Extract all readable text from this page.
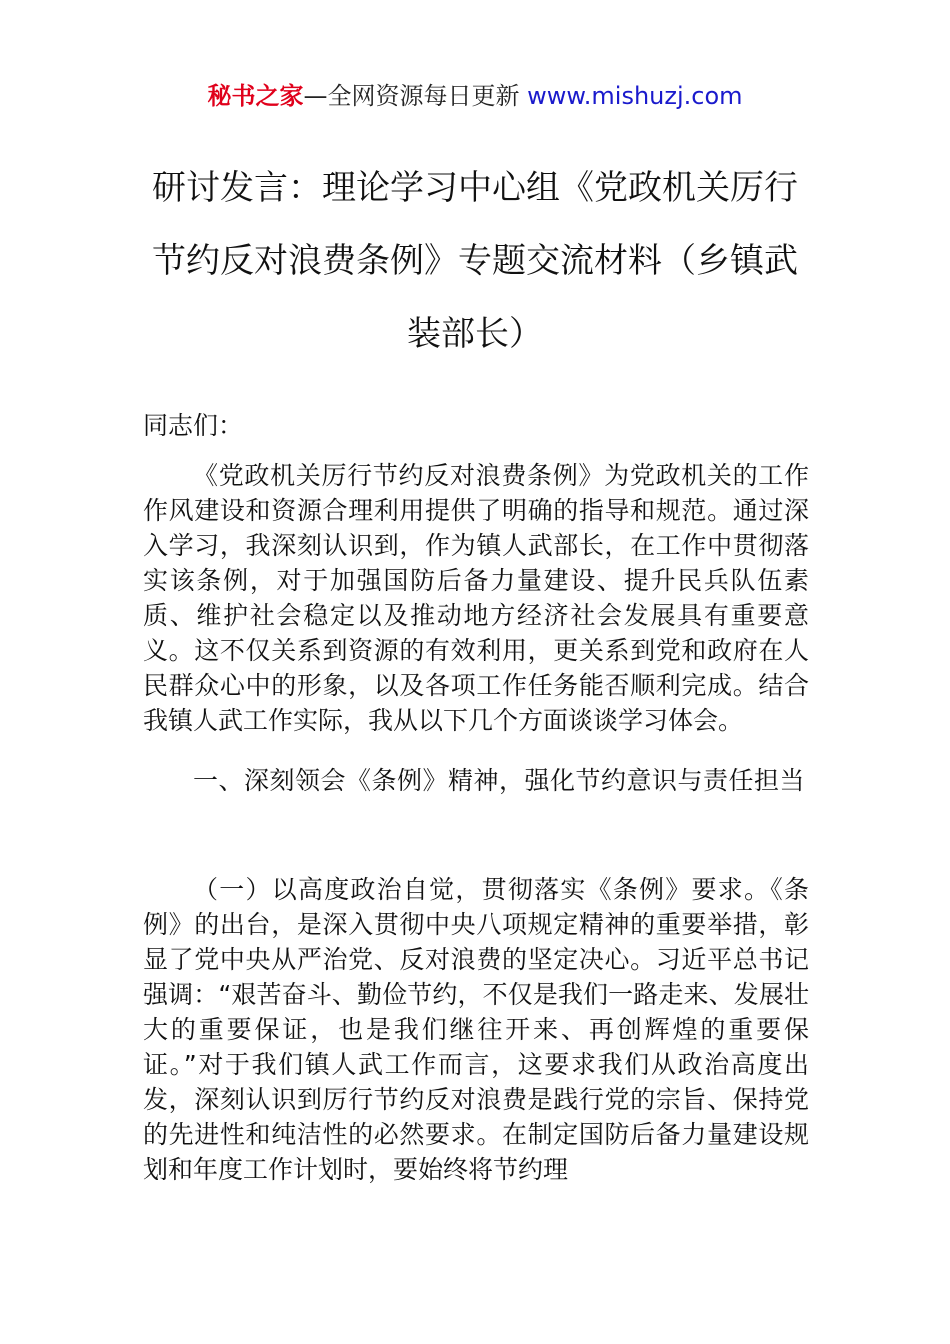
秘书之家—全网资源每日更新 www.mishuzj.com
研讨发言：理论学习中心组《党政机关厉行节约反对浪费条例》专题交流材料（乡镇武装部长）

同志们：

《党政机关厉行节约反对浪费条例》为党政机关的工作作风建设和资源合理利用提供了明确的指导和规范。通过深入学习，我深刻认识到，作为镇人武部长，在工作中贯彻落实该条例，对于加强国防后备力量建设、提升民兵队伍素质、维护社会稳定以及推动地方经济社会发展具有重要意义。这不仅关系到资源的有效利用，更关系到党和政府在人民群众心中的形象，以及各项工作任务能否顺利完成。结合我镇人武工作实际，我从以下几个方面谈谈学习体会。

一、深刻领会《条例》精神，强化节约意识与责任担当

（一）以高度政治自觉，贯彻落实《条例》要求。《条例》的出台，是深入贯彻中央八项规定精神的重要举措，彰显了党中央从严治党、反对浪费的坚定决心。习近平总书记强调：“艰苦奋斗、勤俭节约，不仅是我们一路走来、发展壮大的重要保证，也是我们继往开来、再创辉煌的重要保证。”对于我们镇人武工作而言，这要求我们从政治高度出发，深刻认识到厉行节约反对浪费是践行党的宗旨、保持党的先进性和纯洁性的必然要求。在制定国防后备力量建设规划和年度工作计划时，要始终将节约理
